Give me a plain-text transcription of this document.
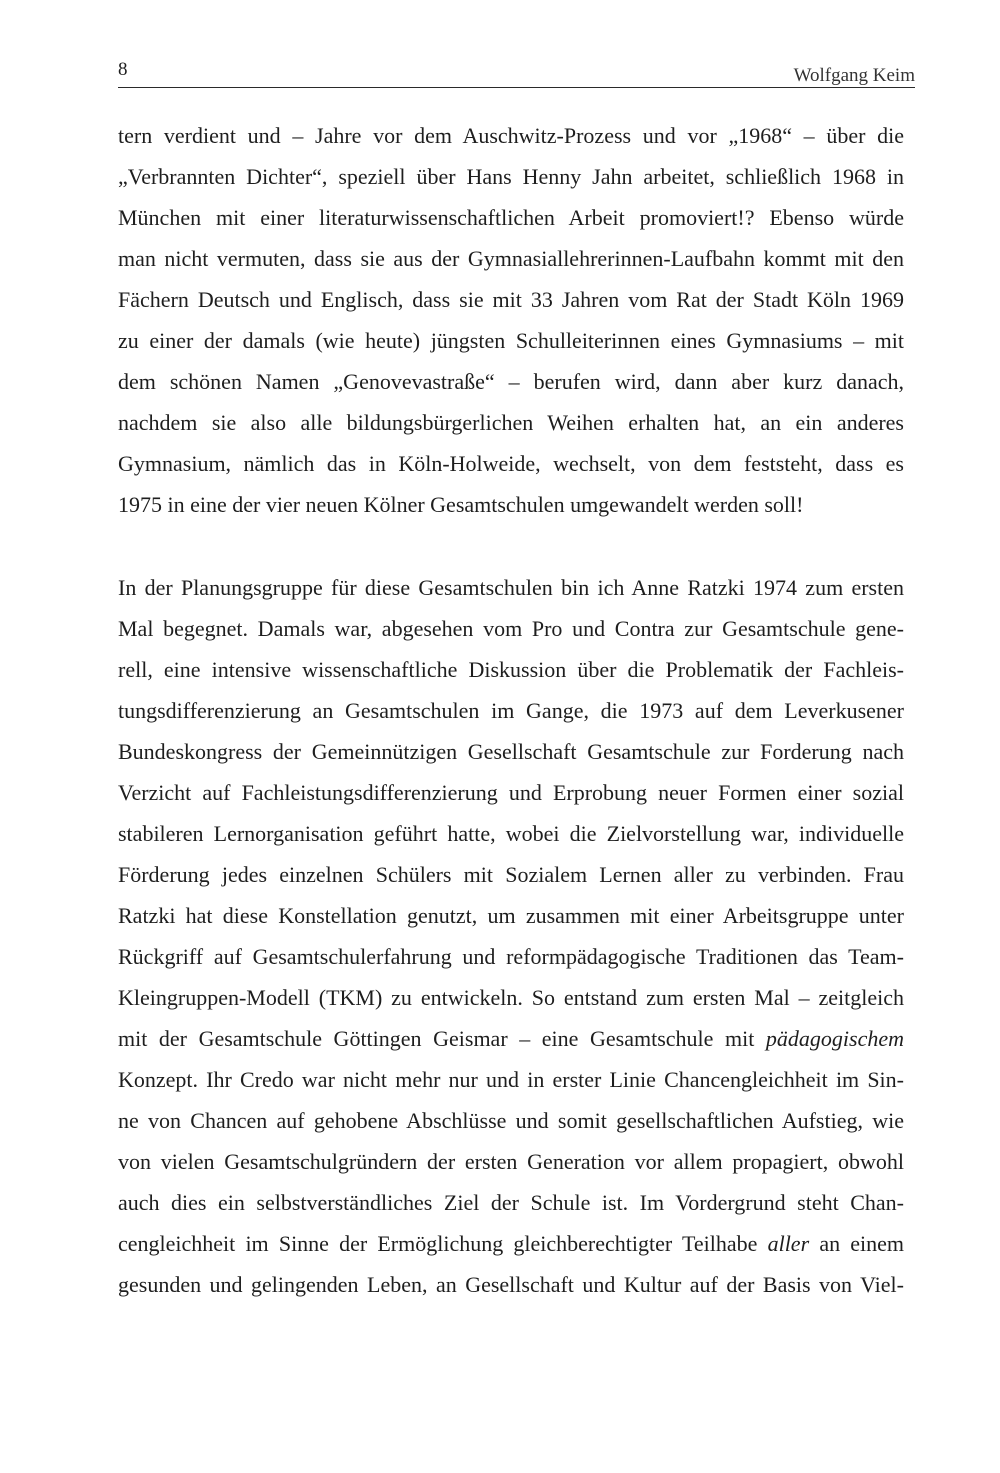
8	Wolfgang Keim
tern verdient und – Jahre vor dem Auschwitz-Prozess und vor „1968“ – über die
„Verbrannten Dichter“, speziell über Hans Henny Jahn arbeitet, schließlich 1968 in
München mit einer literaturwissenschaftlichen Arbeit promoviert!? Ebenso würde
man nicht vermuten, dass sie aus der Gymnasiallehrerinnen-Laufbahn kommt mit den
Fächern Deutsch und Englisch, dass sie mit 33 Jahren vom Rat der Stadt Köln 1969
zu einer der damals (wie heute) jüngsten Schulleiterinnen eines Gymnasiums – mit
dem schönen Namen „Genovevastraße“ – berufen wird, dann aber kurz danach,
nachdem sie also alle bildungsbürgerlichen Weihen erhalten hat, an ein anderes
Gymnasium, nämlich das in Köln-Holweide, wechselt, von dem feststeht, dass es
1975 in eine der vier neuen Kölner Gesamtschulen umgewandelt werden soll!
In der Planungsgruppe für diese Gesamtschulen bin ich Anne Ratzki 1974 zum ersten
Mal begegnet. Damals war, abgesehen vom Pro und Contra zur Gesamtschule gene-
rell, eine intensive wissenschaftliche Diskussion über die Problematik der Fachleis-
tungsdifferenzierung an Gesamtschulen im Gange, die 1973 auf dem Leverkusener
Bundeskongress der Gemeinnützigen Gesellschaft Gesamtschule zur Forderung nach
Verzicht auf Fachleistungsdifferenzierung und Erprobung neuer Formen einer sozial
stabileren Lernorganisation geführt hatte, wobei die Zielvorstellung war, individuelle
Förderung jedes einzelnen Schülers mit Sozialem Lernen aller zu verbinden. Frau
Ratzki hat diese Konstellation genutzt, um zusammen mit einer Arbeitsgruppe unter
Rückgriff auf Gesamtschulerfahrung und reformpädagogische Traditionen das Team-
Kleingruppen-Modell (TKM) zu entwickeln. So entstand zum ersten Mal – zeitgleich
mit der Gesamtschule Göttingen Geismar – eine Gesamtschule mit pädagogischem
Konzept. Ihr Credo war nicht mehr nur und in erster Linie Chancengleichheit im Sin-
ne von Chancen auf gehobene Abschlüsse und somit gesellschaftlichen Aufstieg, wie
von vielen Gesamtschulgründern der ersten Generation vor allem propagiert, obwohl
auch dies ein selbstverständliches Ziel der Schule ist. Im Vordergrund steht Chan-
cengleichheit im Sinne der Ermöglichung gleichberechtigter Teilhabe aller an einem
gesunden und gelingenden Leben, an Gesellschaft und Kultur auf der Basis von Viel-
